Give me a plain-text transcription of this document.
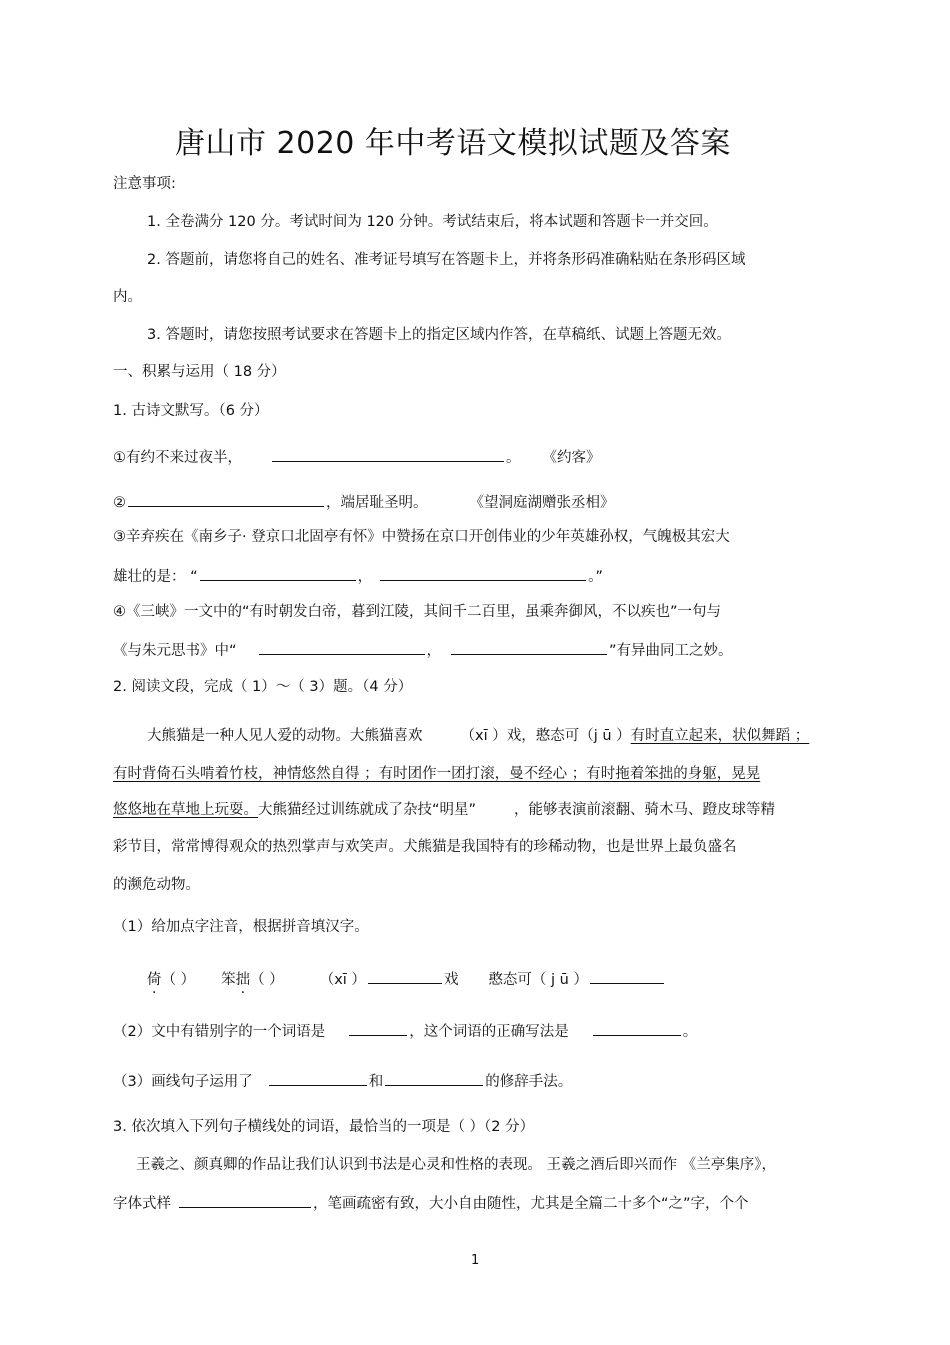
唐山市 2020 年中考语文模拟试题及答案
注意事项:
1. 全卷满分 120 分。考试时间为 120 分钟。考试结束后，将本试题和答题卡一并交回。
2. 答题前，请您将自己的姓名、准考证号填写在答题卡上，并将条形码准确粘贴在条形码区域
内。
3. 答题时，请您按照考试要求在答题卡上的指定区域内作答，在草稿纸、试题上答题无效。
一、积累与运用（ 18 分）
1. 古诗文默写。（6 分）
①有约不来过夜半，	。 《约客》
②	，端居耻圣明。	《望洞庭湖赠张丞相》
③辛弃疾在《南乡子· 登京口北固亭有怀》中赞扬在京口开创伟业的少年英雄孙权，气魄极其宏大
雄壮的是： “	，	。”
④《三峡》一文中的“有时朝发白帝，暮到江陵，其间千二百里，虽乘奔御风，不以疾也”一句与
《与朱元思书》中“	，	”有异曲同工之妙。
2. 阅读文段，完成（ 1）～（ 3）题。（4 分）
大熊猫是一种人见人爱的动物。大熊猫喜欢	（xī ）戏，憨态可（j ū ）有时直立起来，状似舞蹈 ；
有时背倚石头啃着竹枝，神情悠然自得 ；有时团作一团打滚，曼不经心 ；有时拖着笨拙的身躯，晃晃
悠悠地在草地上玩耍。大熊猫经过训练就成了杂技“明星”	，能够表演前滚翻、骑木马、蹬皮球等精
彩节目，常常博得观众的热烈掌声与欢笑声。犬熊猫是我国特有的珍稀动物，也是世界上最负盛名
的濒危动物。
（1）给加点字注音，根据拼音填汉字。
倚（ ） 笨拙（ ） （xī ）	戏 憨态可（ j ū ）
（2）文中有错别字的一个词语是	，这个词语的正确写法是	。
（3）画线句子运用了	和	的修辞手法。
3. 依次填入下列句子横线处的词语，最恰当的一项是（ ）（2 分）
王羲之、颜真卿的作品让我们认识到书法是心灵和性格的表现。 王羲之酒后即兴而作 《兰亭集序》，
字体式样	，笔画疏密有致，大小自由随性，尤其是全篇二十多个“之”字，个个
1
